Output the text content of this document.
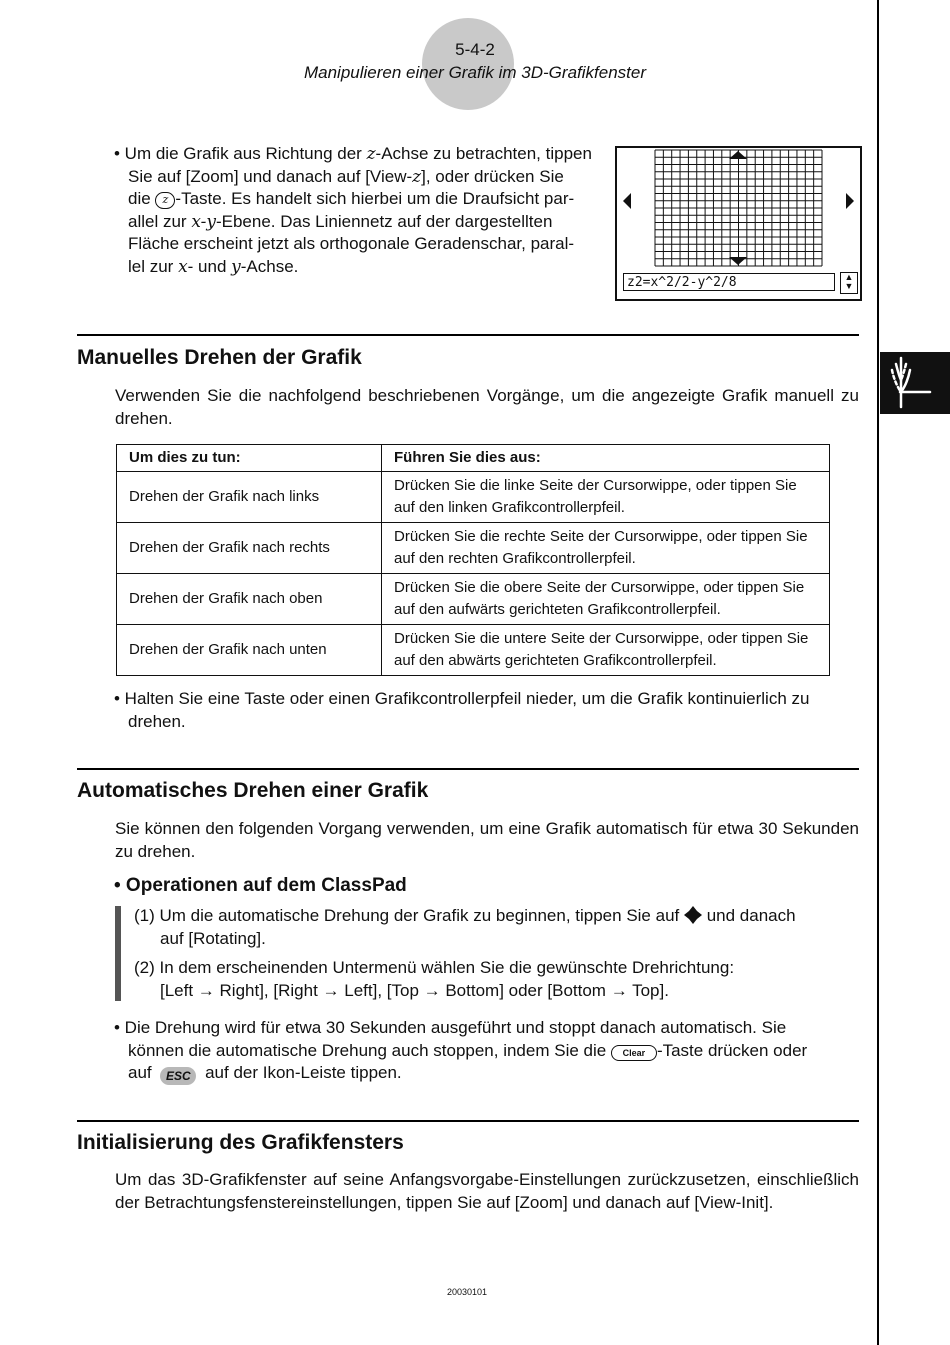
5-4-2
Manipulieren einer Grafik im 3D-Grafikfenster
• Um die Grafik aus Richtung der z-Achse zu betrachten, tippen
Sie auf [Zoom] und danach auf [View-z], oder drücken Sie
die z -Taste. Es handelt sich hierbei um die Draufsicht par-
allel zur x-y-Ebene. Das Liniennetz auf der dargestellten
Fläche erscheint jetzt als orthogonale Geradenschar, paral-
lel zur x- und y-Achse.
z2=x^2/2-y^2/8	▲
▼
Manuelles Drehen der Grafik
Verwenden Sie die nachfolgend beschriebenen Vorgänge, um die angezeigte Grafik manuell zu drehen.
Um dies zu tun:	Führen Sie dies aus:
Drehen der Grafik nach links	Drücken Sie die linke Seite der Cursorwippe, oder tippen Sie auf den linken Grafikcontrollerpfeil.
Drehen der Grafik nach rechts	Drücken Sie die rechte Seite der Cursorwippe, oder tippen Sie auf den rechten Grafikcontrollerpfeil.
Drehen der Grafik nach oben	Drücken Sie die obere Seite der Cursorwippe, oder tippen Sie auf den aufwärts gerichteten Grafikcontrollerpfeil.
Drehen der Grafik nach unten	Drücken Sie die untere Seite der Cursorwippe, oder tippen Sie auf den abwärts gerichteten Grafikcontrollerpfeil.
• Halten Sie eine Taste oder einen Grafikcontrollerpfeil nieder, um die Grafik kontinuierlich zu
drehen.
Automatisches Drehen einer Grafik
Sie können den folgenden Vorgang verwenden, um eine Grafik automatisch für etwa 30 Sekunden zu drehen.
• Operationen auf dem ClassPad
(1) Um die automatische Drehung der Grafik zu beginnen, tippen Sie auf  und danach
auf [Rotating].
(2) In dem erscheinenden Untermenü wählen Sie die gewünschte Drehrichtung:
[Left → Right], [Right → Left], [Top → Bottom] oder [Bottom → Top].
• Die Drehung wird für etwa 30 Sekunden ausgeführt und stoppt danach automatisch. Sie
können die automatische Drehung auch stoppen, indem Sie die Clear -Taste drücken oder
auf ESC auf der Ikon-Leiste tippen.
Initialisierung des Grafikfensters
Um das 3D-Grafikfenster auf seine Anfangsvorgabe-Einstellungen zurückzusetzen, einschließlich der Betrachtungsfenstereinstellungen, tippen Sie auf [Zoom] und danach auf [View-Init].
20030101
